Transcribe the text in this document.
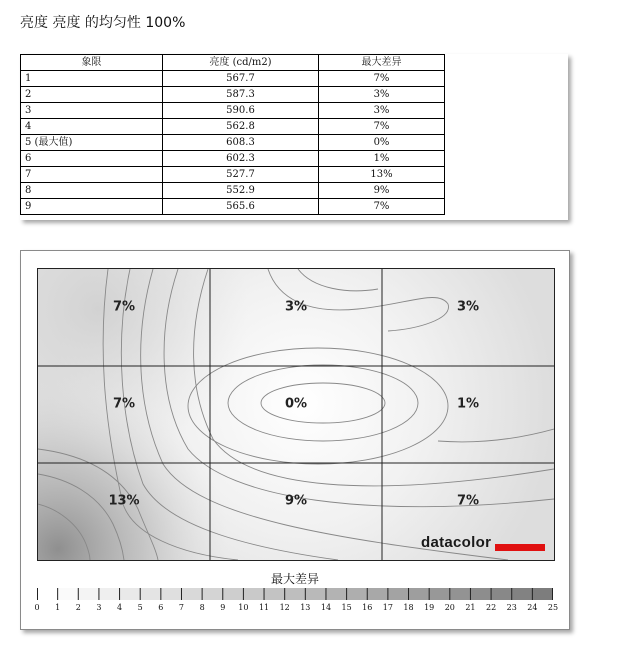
亮度 亮度 的均匀性 100%
象限	亮度 (cd/m2)	最大差异
1	567.7	7%
2	587.3	3%
3	590.6	3%
4	562.8	7%
5 (最大值)	608.3	0%
6	602.3	1%
7	527.7	13%
8	552.9	9%
9	565.6	7%
7%	3%	3%
7%	0%	1%
13%	9%	7%
datacolor
最大差异
0 1 2 3 4 5 6 7 8 9 10 11 12 13 14 15 16 17 18 19 20 21 22 23 24 25
